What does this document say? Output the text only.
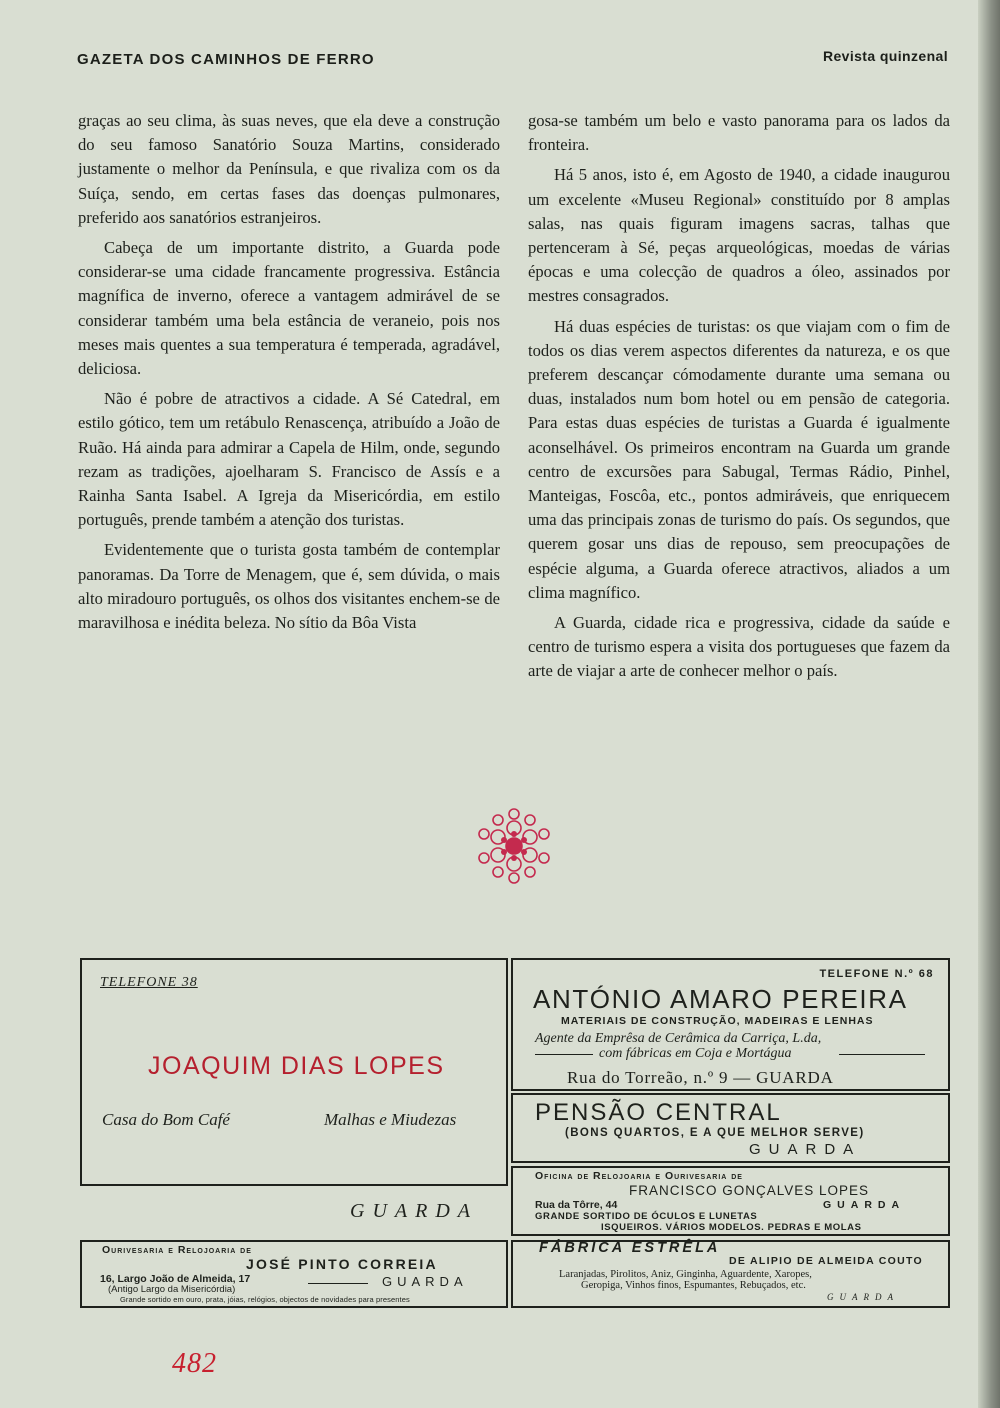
GAZETA DOS CAMINHOS DE FERRO	Revista quinzenal

graças ao seu clima, às suas neves, que ela deve a construção do seu famoso Sanatório Souza Martins, considerado justamente o melhor da Península, e que rivaliza com os da Suíça, sendo, em certas fases das doenças pulmonares, preferido aos sanatórios estranjeiros.

Cabeça de um importante distrito, a Guarda pode considerar-se uma cidade francamente progressiva. Estância magnífica de inverno, oferece a vantagem admirável de se considerar também uma bela estância de veraneio, pois nos meses mais quentes a sua temperatura é temperada, agradável, deliciosa.

Não é pobre de atractivos a cidade. A Sé Catedral, em estilo gótico, tem um retábulo Renascença, atribuído a João de Ruão. Há ainda para admirar a Capela de Hilm, onde, segundo rezam as tradições, ajoelharam S. Francisco de Assís e a Rainha Santa Isabel. A Igreja da Misericórdia, em estilo português, prende também a atenção dos turistas.

Evidentemente que o turista gosta também de contemplar panoramas. Da Torre de Menagem, que é, sem dúvida, o mais alto miradouro português, os olhos dos visitantes enchem-se de maravilhosa e inédita beleza. No sítio da Bôa Vista

gosa-se também um belo e vasto panorama para os lados da fronteira.

Há 5 anos, isto é, em Agosto de 1940, a cidade inaugurou um excelente «Museu Regional» constituído por 8 amplas salas, nas quais figuram imagens sacras, talhas que pertenceram à Sé, peças arqueológicas, moedas de várias épocas e uma colecção de quadros a óleo, assinados por mestres consagrados.

Há duas espécies de turistas: os que viajam com o fim de todos os dias verem aspectos diferentes da natureza, e os que preferem descançar cómodamente durante uma semana ou duas, instalados num bom hotel ou em pensão de categoria. Para estas duas espécies de turistas a Guarda é igualmente aconselhável. Os primeiros encontram na Guarda um grande centro de excursões para Sabugal, Termas Rádio, Pinhel, Manteigas, Foscôa, etc., pontos admiráveis, que enriquecem uma das principais zonas de turismo do país. Os segundos, que querem gosar uns dias de repouso, sem preocupações de espécie alguma, a Guarda oferece atractivos, aliados a um clima magnífico.

A Guarda, cidade rica e progressiva, cidade da saúde e centro de turismo espera a visita dos portugueses que fazem da arte de viajar a arte de conhecer melhor o país.

TELEFONE 38
JOAQUIM DIAS LOPES
Casa do Bom Café	Malhas e Miudezas
GUARDA
TELEFONE N.º 68
ANTÓNIO AMARO PEREIRA
MATERIAIS DE CONSTRUÇÃO, MADEIRAS E LENHAS
Agente da Emprêsa de Cerâmica da Carriça, L.da,
com fábricas em Coja e Mortágua
Rua do Torreão, n.º 9 — GUARDA
PENSÃO CENTRAL
(BONS QUARTOS, E A QUE MELHOR SERVE)
GUARDA
Oficina de Relojoaria e Ourivesaria de
FRANCISCO GONÇALVES LOPES
Rua da Tôrre, 44	GUARDA
GRANDE SORTIDO DE ÓCULOS E LUNETAS
ISQUEIROS. VÁRIOS MODELOS. PEDRAS E MOLAS
Ourivesaria e Relojoaria de
JOSÉ PINTO CORREIA
16, Largo João de Almeida, 17
(Antigo Largo da Misericórdia)
GUARDA
Grande sortido em ouro, prata, jóias, relógios, objectos de novidades para presentes
FÁBRICA ESTRÊLA
DE ALIPIO DE ALMEIDA COUTO
Laranjadas, Pirolitos, Aniz, Ginginha, Aguardente, Xaropes,
Geropiga, Vinhos finos, Espumantes, Rebuçados, etc.
GUARDA
482
